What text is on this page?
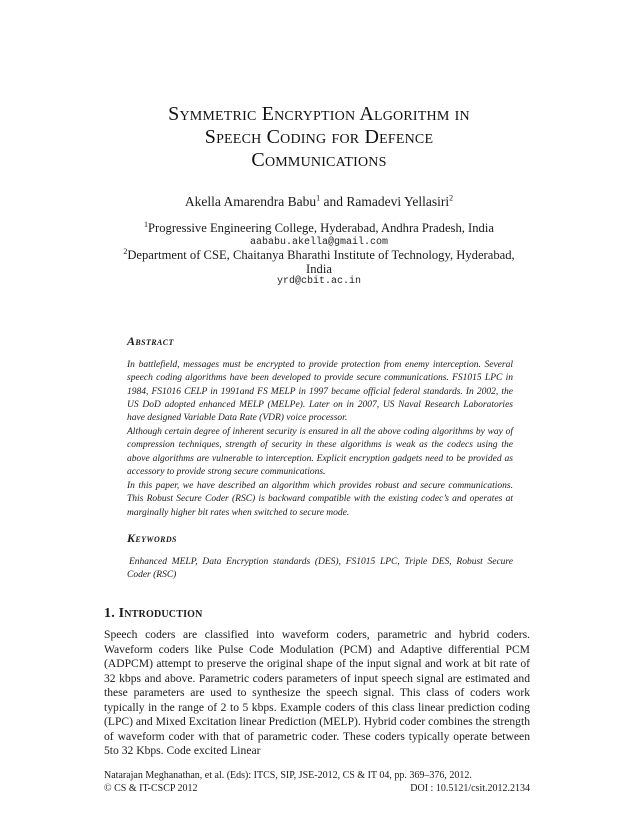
Symmetric Encryption Algorithm in
Speech Coding for Defence
Communications
Akella Amarendra Babu$^1$ and Ramadevi Yellasiri$^2$
$^1$Progressive Engineering College, Hyderabad, Andhra Pradesh, India
aababu.akella@gmail.com
$^2$Department of CSE, Chaitanya Bharathi Institute of Technology, Hyderabad, India
yrd@cbit.ac.in
Abstract

In battlefield, messages must be encrypted to provide protection from enemy interception. Several speech coding algorithms have been developed to provide secure communications. FS1015 LPC in 1984, FS1016 CELP in 1991and FS MELP in 1997 became official federal standards. In 2002, the US DoD adopted enhanced MELP (MELPe). Later on in 2007, US Naval Research Laboratories have designed Variable Data Rate (VDR) voice processor.

Although certain degree of inherent security is ensured in all the above coding algorithms by way of compression techniques, strength of security in these algorithms is weak as the codecs using the above algorithms are vulnerable to interception. Explicit encryption gadgets need to be provided as accessory to provide strong secure communications.

In this paper, we have described an algorithm which provides robust and secure communications. This Robust Secure Coder (RSC) is backward compatible with the existing codec’s and operates at marginally higher bit rates when switched to secure mode.

Keywords

Enhanced MELP, Data Encryption standards (DES), FS1015 LPC, Triple DES, Robust Secure Coder (RSC)

1. Introduction

Speech coders are classified into waveform coders, parametric and hybrid coders. Waveform coders like Pulse Code Modulation (PCM) and Adaptive differential PCM (ADPCM) attempt to preserve the original shape of the input signal and work at bit rate of 32 kbps and above. Parametric coders parameters of input speech signal are estimated and these parameters are used to synthesize the speech signal. This class of coders work typically in the range of 2 to 5 kbps. Example coders of this class linear prediction coding (LPC) and Mixed Excitation linear Prediction (MELP). Hybrid coder combines the strength of waveform coder with that of parametric coder. These coders typically operate between 5to 32 Kbps. Code excited Linear

Natarajan Meghanathan, et al. (Eds): ITCS, SIP, JSE-2012, CS & IT 04, pp. 369–376, 2012.
© CS & IT-CSCP 2012	DOI : 10.5121/csit.2012.2134
